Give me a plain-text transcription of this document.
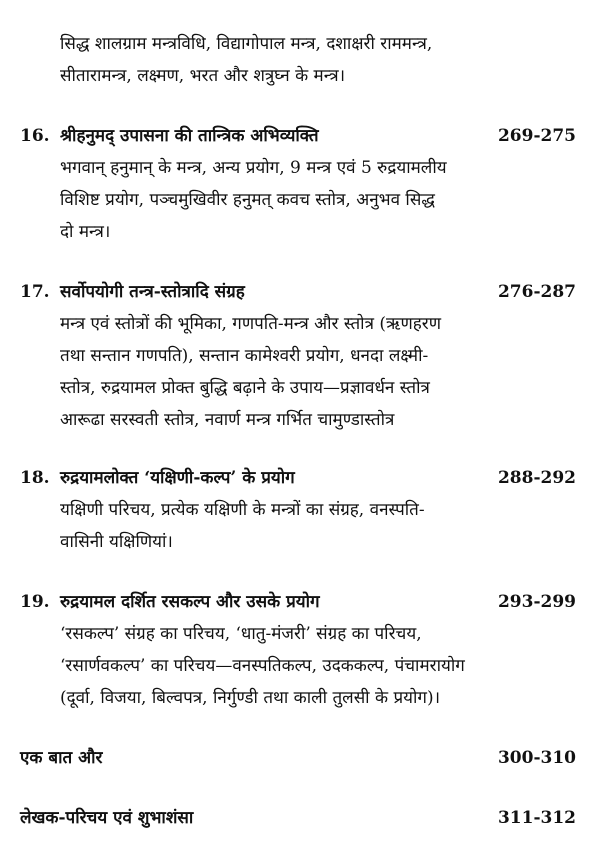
सिद्ध शालग्राम मन्त्रविधि, विद्यागोपाल मन्त्र, दशाक्षरी राममन्त्र,
सीतारामन्त्र, लक्ष्मण, भरत और शत्रुघ्न के मन्त्र।
16. श्रीहनुमद् उपासना की तान्त्रिक अभिव्यक्ति	269-275
भगवान् हनुमान् के मन्त्र, अन्य प्रयोग, 9 मन्त्र एवं 5 रुद्रयामलीय
विशिष्ट प्रयोग, पञ्चमुखिवीर हनुमत् कवच स्तोत्र, अनुभव सिद्ध
दो मन्त्र।
17. सर्वोपयोगी तन्त्र-स्तोत्रादि संग्रह	276-287
मन्त्र एवं स्तोत्रों की भूमिका, गणपति-मन्त्र और स्तोत्र (ऋणहरण
तथा सन्तान गणपति), सन्तान कामेश्वरी प्रयोग, धनदा लक्ष्मी-
स्तोत्र, रुद्रयामल प्रोक्त बुद्धि बढ़ाने के उपाय—प्रज्ञावर्धन स्तोत्र
आरूढा सरस्वती स्तोत्र, नवार्ण मन्त्र गर्भित चामुण्डास्तोत्र
18. रुद्रयामलोक्त ‘यक्षिणी-कल्प’ के प्रयोग	288-292
यक्षिणी परिचय, प्रत्येक यक्षिणी के मन्त्रों का संग्रह, वनस्पति-
वासिनी यक्षिणियां।
19. रुद्रयामल दर्शित रसकल्प और उसके प्रयोग	293-299
‘रसकल्प’ संग्रह का परिचय, ‘धातु-मंजरी’ संग्रह का परिचय,
‘रसार्णवकल्प’ का परिचय—वनस्पतिकल्प, उदककल्प, पंचामरायोग
(दूर्वा, विजया, बिल्वपत्र, निर्गुण्डी तथा काली तुलसी के प्रयोग)।
एक बात और	300-310
लेखक-परिचय एवं शुभाशंसा	311-312
